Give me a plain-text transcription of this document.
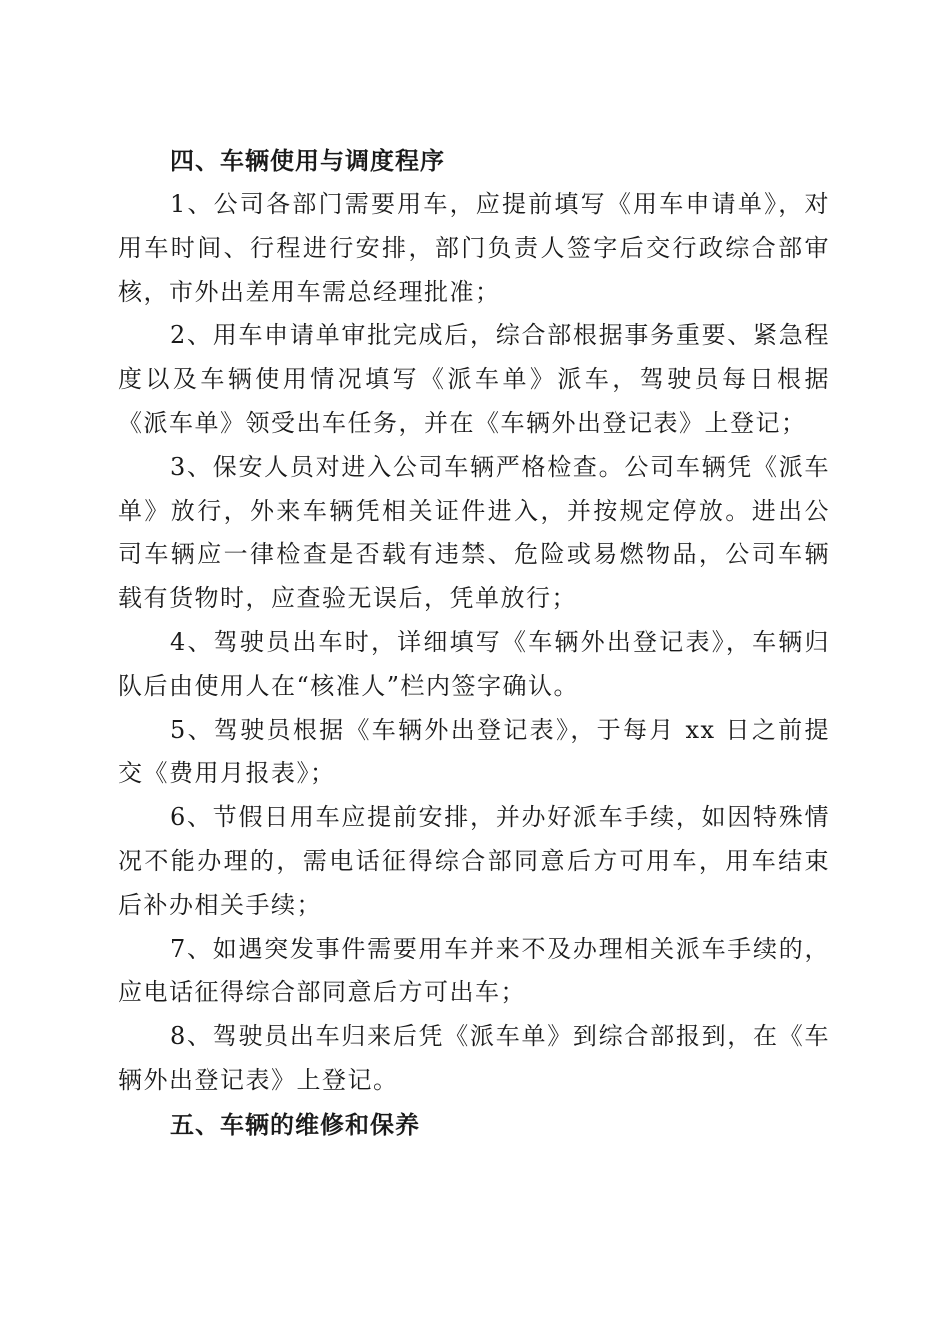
四、车辆使用与调度程序
1、公司各部门需要用车，应提前填写《用车申请单》，对
用车时间、行程进行安排，部门负责人签字后交行政综合部审
核，市外出差用车需总经理批准；
2、用车申请单审批完成后，综合部根据事务重要、紧急程
度以及车辆使用情况填写《派车单》派车，驾驶员每日根据
《派车单》领受出车任务，并在《车辆外出登记表》上登记；
3、保安人员对进入公司车辆严格检查。公司车辆凭《派车
单》放行，外来车辆凭相关证件进入，并按规定停放。进出公
司车辆应一律检查是否载有违禁、危险或易燃物品，公司车辆
载有货物时，应查验无误后，凭单放行；
4、驾驶员出车时，详细填写《车辆外出登记表》，车辆归
队后由使用人在“核准人”栏内签字确认。
5、驾驶员根据《车辆外出登记表》，于每月 xx 日之前提
交《费用月报表》；
6、节假日用车应提前安排，并办好派车手续，如因特殊情
况不能办理的，需电话征得综合部同意后方可用车，用车结束
后补办相关手续；
7、如遇突发事件需要用车并来不及办理相关派车手续的，
应电话征得综合部同意后方可出车；
8、驾驶员出车归来后凭《派车单》到综合部报到，在《车
辆外出登记表》上登记。
五、车辆的维修和保养
